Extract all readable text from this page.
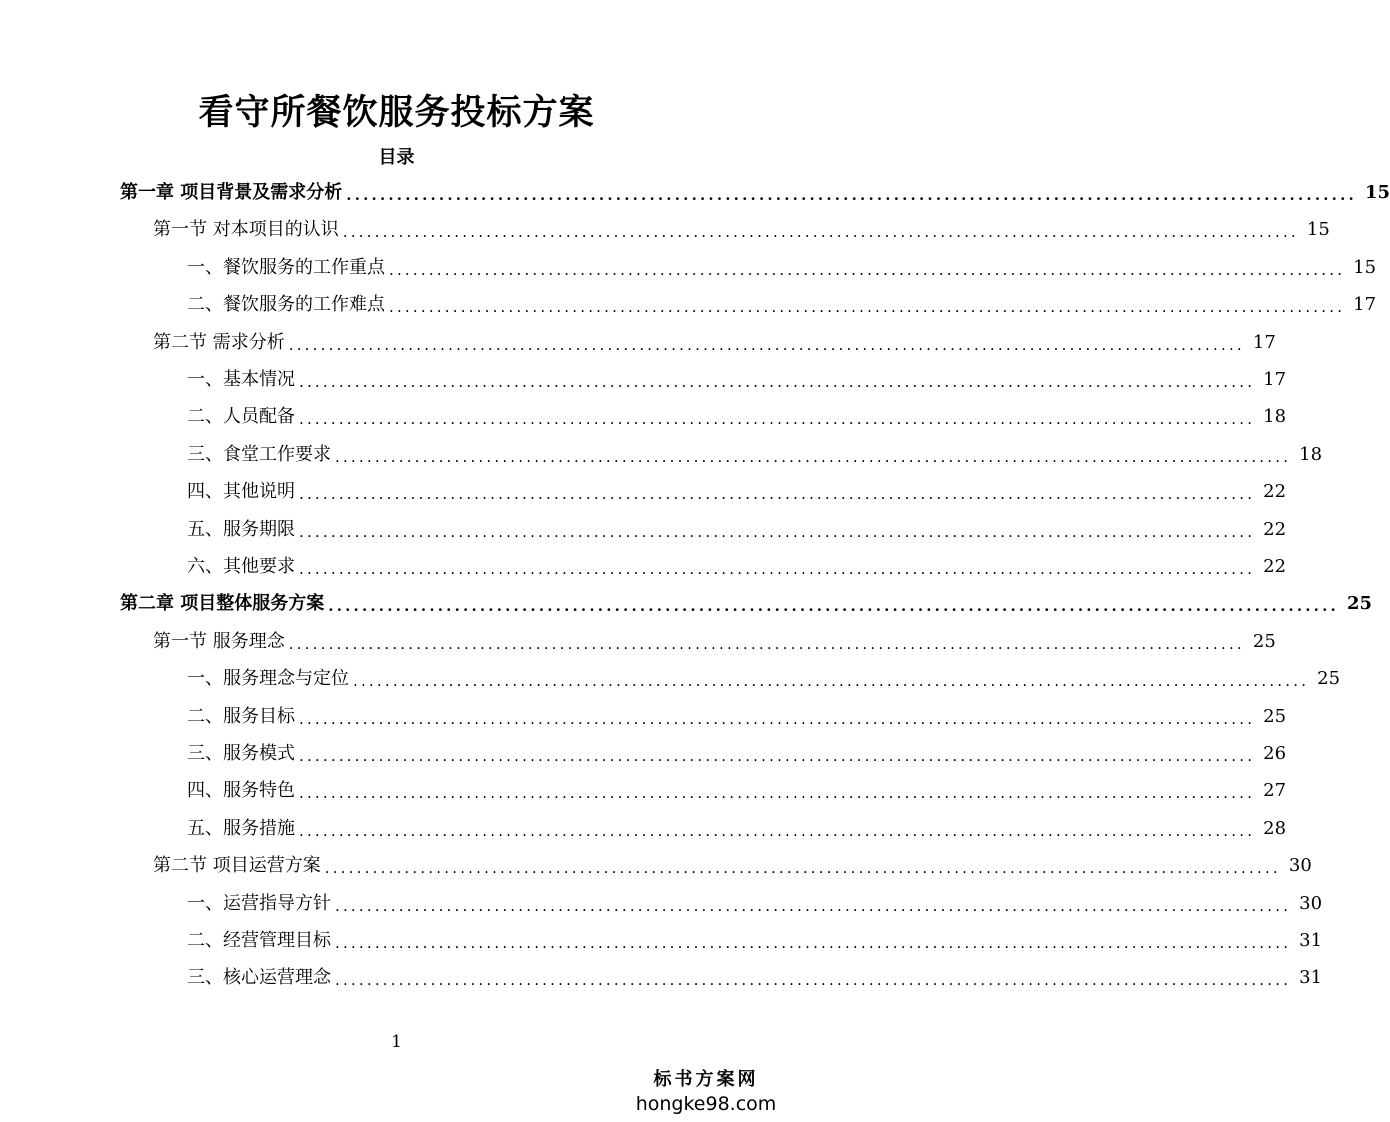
看守所餐饮服务投标方案
目录
第一章 项目背景及需求分析 ........................................................................................................................ 15
第一节 对本项目的认识 ........................................................................................................................ 15
一、餐饮服务的工作重点 ........................................................................................................................ 15
二、餐饮服务的工作难点 ........................................................................................................................ 17
第二节 需求分析 ........................................................................................................................ 17
一、基本情况 ........................................................................................................................ 17
二、人员配备 ........................................................................................................................ 18
三、食堂工作要求 ........................................................................................................................ 18
四、其他说明 ........................................................................................................................ 22
五、服务期限 ........................................................................................................................ 22
六、其他要求 ........................................................................................................................ 22
第二章 项目整体服务方案 ........................................................................................................................ 25
第一节 服务理念 ........................................................................................................................ 25
一、服务理念与定位 ........................................................................................................................ 25
二、服务目标 ........................................................................................................................ 25
三、服务模式 ........................................................................................................................ 26
四、服务特色 ........................................................................................................................ 27
五、服务措施 ........................................................................................................................ 28
第二节 项目运营方案 ........................................................................................................................ 30
一、运营指导方针 ........................................................................................................................ 30
二、经营管理目标 ........................................................................................................................ 31
三、核心运营理念 ........................................................................................................................ 31
1
标书方案网
hongke98.com
